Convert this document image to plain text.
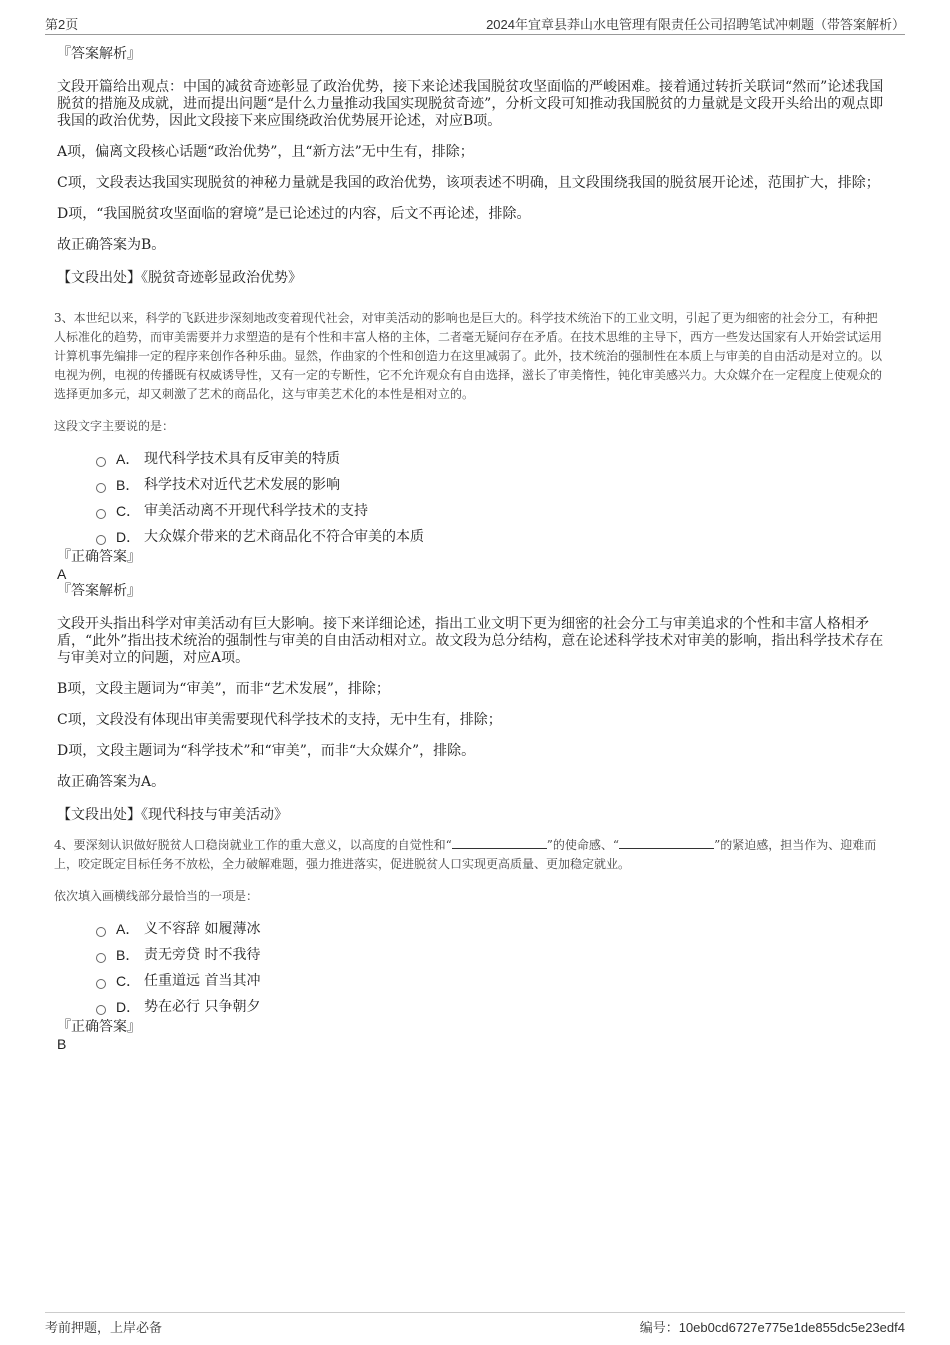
第2页	2024年宜章县莽山水电管理有限责任公司招聘笔试冲刺题（带答案解析）

『答案解析』

文段开篇给出观点：中国的减贫奇迹彰显了政治优势，接下来论述我国脱贫攻坚面临的严峻困难。接着通过转折关联词“然而”论述我国脱贫的措施及成就，进而提出问题“是什么力量推动我国实现脱贫奇迹”，分析文段可知推动我国脱贫的力量就是文段开头给出的观点即我国的政治优势，因此文段接下来应围绕政治优势展开论述，对应B项。

A项，偏离文段核心话题“政治优势”，且“新方法”无中生有，排除；

C项，文段表达我国实现脱贫的神秘力量就是我国的政治优势，该项表述不明确，且文段围绕我国的脱贫展开论述，范围扩大，排除；

D项，“我国脱贫攻坚面临的窘境”是已论述过的内容，后文不再论述，排除。

故正确答案为B。

【文段出处】《脱贫奇迹彰显政治优势》

3、本世纪以来，科学的飞跃进步深刻地改变着现代社会，对审美活动的影响也是巨大的。科学技术统治下的工业文明，引起了更为细密的社会分工，有种把人标准化的趋势，而审美需要并力求塑造的是有个性和丰富人格的主体，二者毫无疑问存在矛盾。在技术思维的主导下，西方一些发达国家有人开始尝试运用计算机事先编排一定的程序来创作各种乐曲。显然，作曲家的个性和创造力在这里减弱了。此外，技术统治的强制性在本质上与审美的自由活动是对立的。以电视为例，电视的传播既有权威诱导性，又有一定的专断性，它不允许观众有自由选择，滋长了审美惰性，钝化审美感兴力。大众媒介在一定程度上使观众的选择更加多元，却又刺激了艺术的商品化，这与审美艺术化的本性是相对立的。

这段文字主要说的是：

A． 现代科学技术具有反审美的特质
B． 科学技术对近代艺术发展的影响
C． 审美活动离不开现代科学技术的支持
D． 大众媒介带来的艺术商品化不符合审美的本质

『正确答案』

A

『答案解析』

文段开头指出科学对审美活动有巨大影响。接下来详细论述，指出工业文明下更为细密的社会分工与审美追求的个性和丰富人格相矛盾，“此外”指出技术统治的强制性与审美的自由活动相对立。故文段为总分结构，意在论述科学技术对审美的影响，指出科学技术存在与审美对立的问题，对应A项。

B项，文段主题词为“审美”，而非“艺术发展”，排除；

C项，文段没有体现出审美需要现代科学技术的支持，无中生有，排除；

D项，文段主题词为“科学技术”和“审美”，而非“大众媒介”，排除。

故正确答案为A。

【文段出处】《现代科技与审美活动》

4、要深刻认识做好脱贫人口稳岗就业工作的重大意义，以高度的自觉性和“	”的使命感、“	”的紧迫感，担当作为、迎难而上，咬定既定目标任务不放松，全力破解难题，强力推进落实，促进脱贫人口实现更高质量、更加稳定就业。

依次填入画横线部分最恰当的一项是：

A． 义不容辞 如履薄冰
B． 责无旁贷 时不我待
C． 任重道远 首当其冲
D． 势在必行 只争朝夕

『正确答案』

B

考前押题，上岸必备	编号：10eb0cd6727e775e1de855dc5e23edf4
